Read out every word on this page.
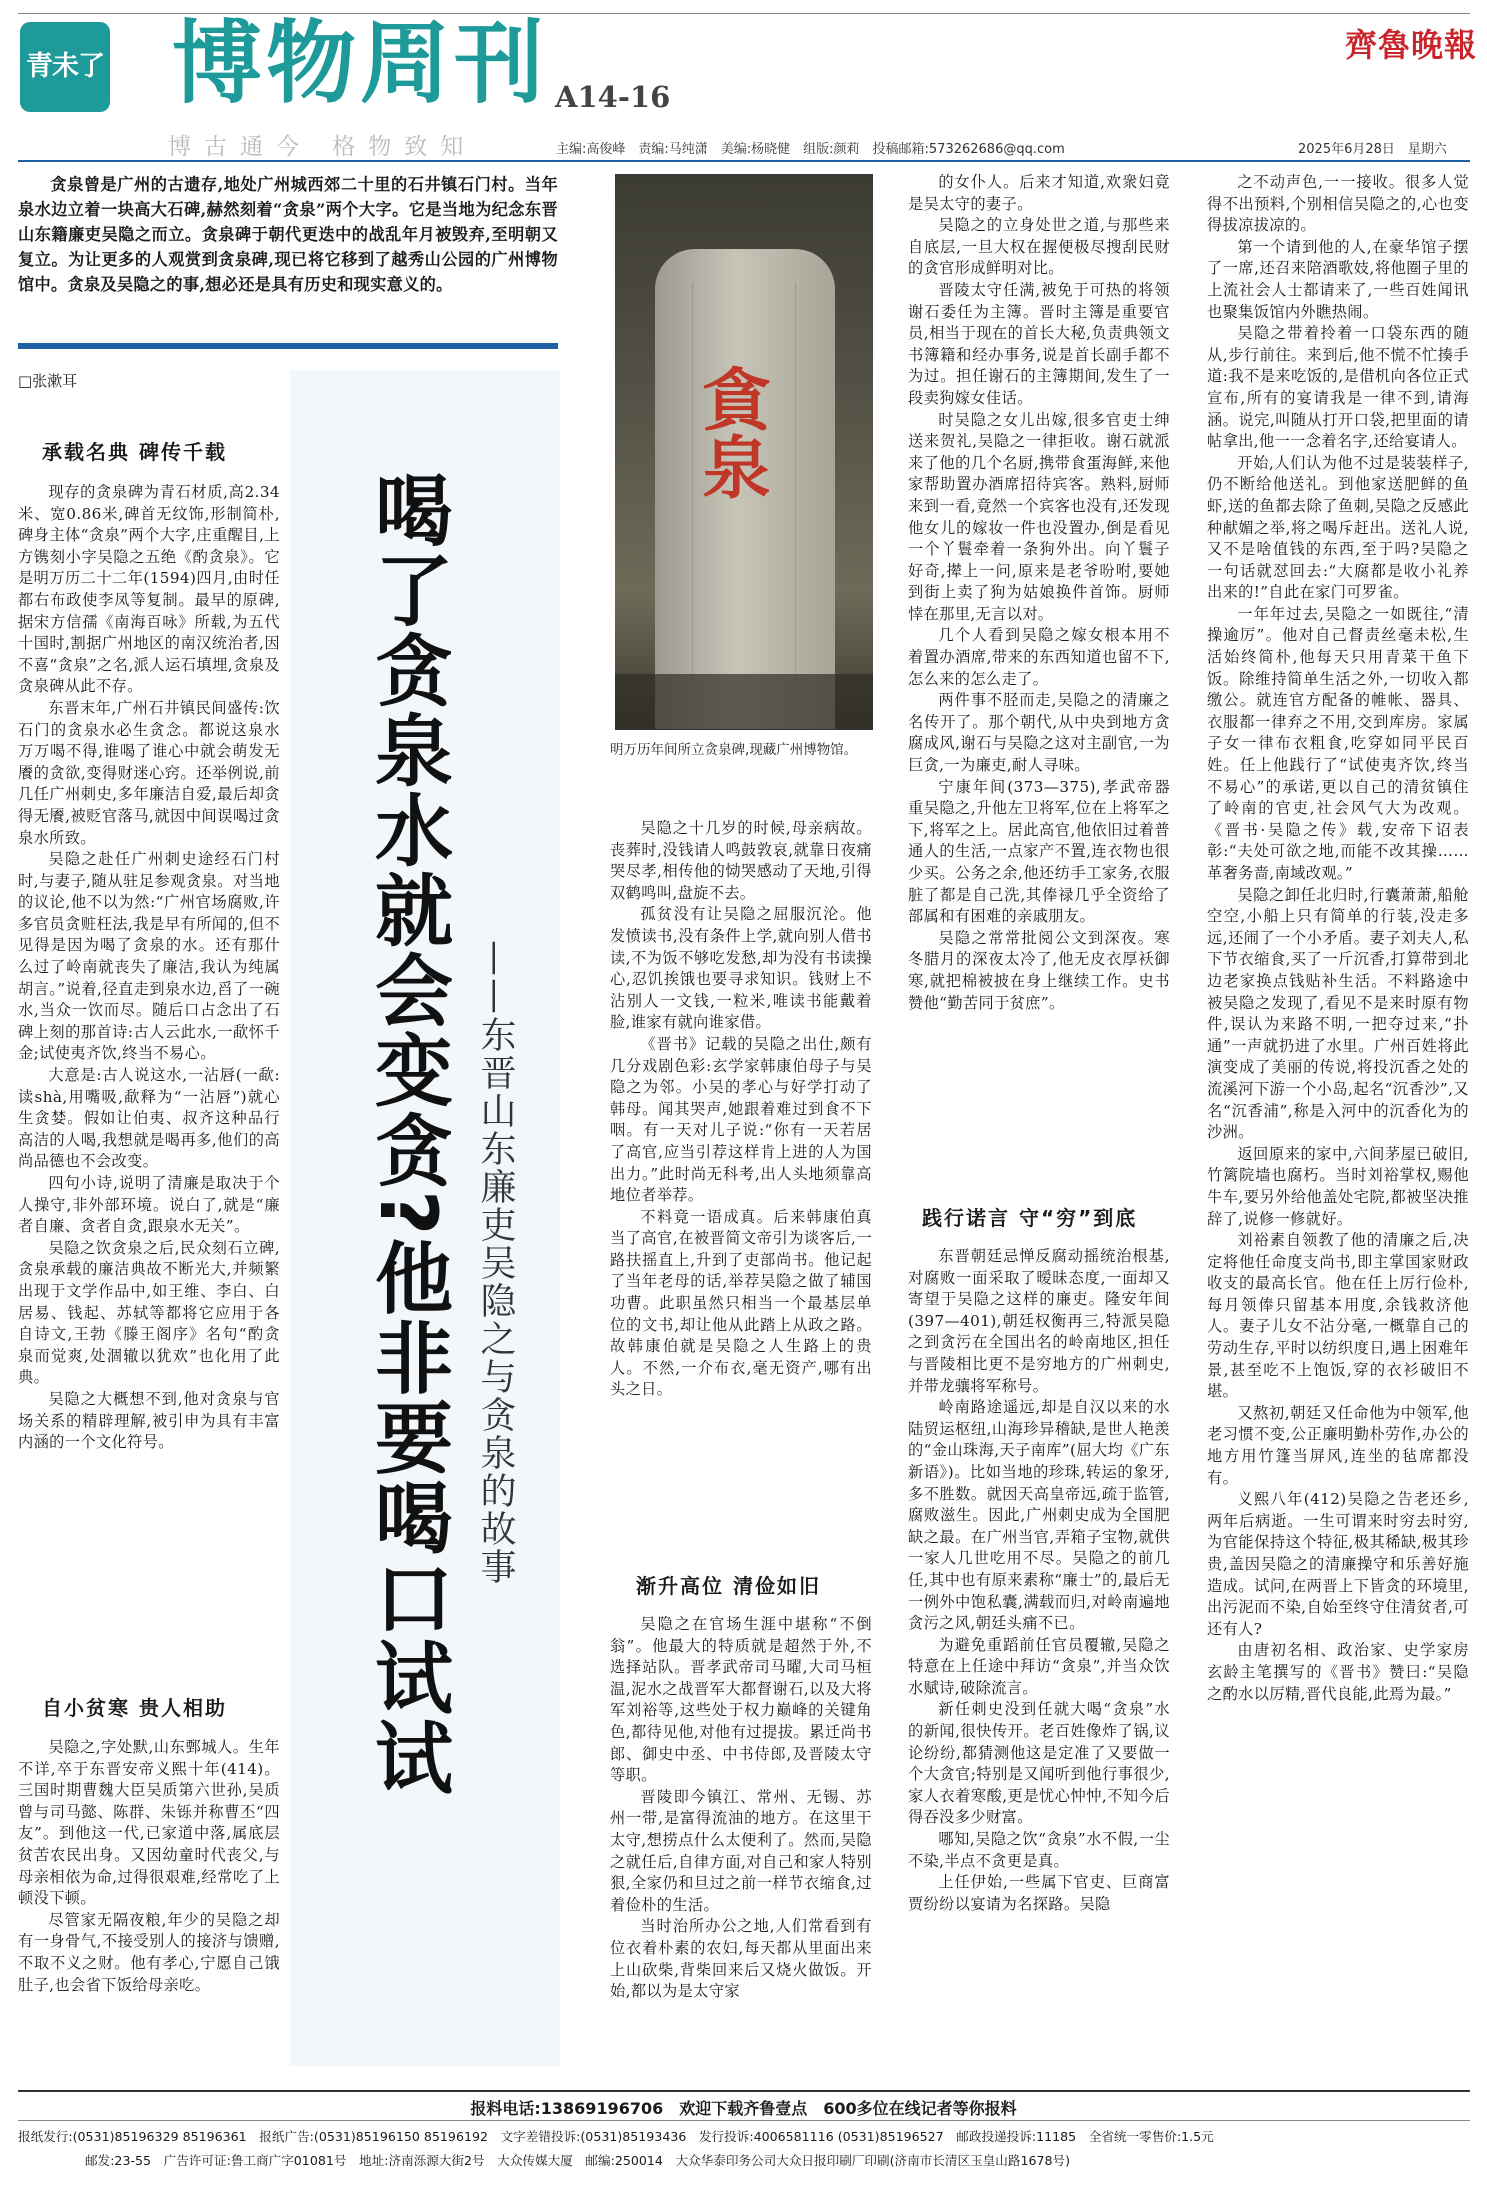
青未了 博物周刊 A14-16
齊魯晚報
博古通今 格物致知	主编:高俊峰　责编:马纯潇　美编:杨晓健　组版:颜莉　投稿邮箱:573262686@qq.com	2025年6月28日　 星期六
贪泉曾是广州的古遗存,地处广州城西郊二十里的石井镇石门村。当年泉水边立着一块高大石碑,赫然刻着“贪泉”两个大字。它是当地为纪念东晋山东籍廉吏吴隐之而立。贪泉碑于朝代更迭中的战乱年月被毁弃,至明朝又复立。为让更多的人观赏到贪泉碑,现已将它移到了越秀山公园的广州博物馆中。贪泉及吴隐之的事,想必还是具有历史和现实意义的。
□张漱耳
承载名典 碑传千载

现存的贪泉碑为青石材质,高2.34米、宽0.86米,碑首无纹饰,形制简朴,碑身主体“贪泉”两个大字,庄重醒目,上方镌刻小字吴隐之五绝《酌贪泉》。它是明万历二十二年(1594)四月,由时任都右布政使李凤等复制。最早的原碑,据宋方信孺《南海百咏》所载,为五代十国时,割据广州地区的南汉统治者,因不喜“贪泉”之名,派人运石填埋,贪泉及贪泉碑从此不存。

东晋末年,广州石井镇民间盛传:饮石门的贪泉水必生贪念。都说这泉水万万喝不得,谁喝了谁心中就会萌发无餍的贪欲,变得财迷心窍。还举例说,前几任广州刺史,多年廉洁自爱,最后却贪得无餍,被贬官落马,就因中间误喝过贪泉水所致。

吴隐之赴任广州刺史途经石门村时,与妻子,随从驻足参观贪泉。对当地的议论,他不以为然:“广州官场腐败,许多官员贪赃枉法,我是早有所闻的,但不见得是因为喝了贪泉的水。还有那什么过了岭南就丧失了廉洁,我认为纯属胡言。”说着,径直走到泉水边,舀了一碗水,当众一饮而尽。随后口占念出了石碑上刻的那首诗:古人云此水,一歃怀千金;试使夷齐饮,终当不易心。

大意是:古人说这水,一沾唇(一歃:读shà,用嘴吸,歃释为“一沾唇”)就心生贪婪。假如让伯夷、叔齐这种品行高洁的人喝,我想就是喝再多,他们的高尚品德也不会改变。

四句小诗,说明了清廉是取决于个人操守,非外部环境。说白了,就是“廉者自廉、贪者自贪,跟泉水无关”。

吴隐之饮贪泉之后,民众刻石立碑,贪泉承载的廉洁典故不断光大,并频繁出现于文学作品中,如王维、李白、白居易、钱起、苏轼等都将它应用于各自诗文,王勃《滕王阁序》名句“酌贪泉而觉爽,处涸辙以犹欢”也化用了此典。

吴隐之大概想不到,他对贪泉与官场关系的精辟理解,被引申为具有丰富内涵的一个文化符号。

自小贫寒 贵人相助

吴隐之,字处默,山东鄄城人。生年不详,卒于东晋安帝义熙十年(414)。三国时期曹魏大臣吴质第六世孙,吴质曾与司马懿、陈群、朱铄并称曹丕“四友”。到他这一代,已家道中落,属底层贫苦农民出身。又因幼童时代丧父,与母亲相依为命,过得很艰难,经常吃了上顿没下顿。

尽管家无隔夜粮,年少的吴隐之却有一身骨气,不接受别人的接济与馈赠,不取不义之财。他有孝心,宁愿自己饿肚子,也会省下饭给母亲吃。

喝了贪泉水就会变贪?他非要喝口试试 ——东晋山东廉吏吴隐之与贪泉的故事
貪泉
明万历年间所立贪泉碑,现藏广州博物馆。

吴隐之十几岁的时候,母亲病故。丧葬时,没钱请人鸣鼓敦哀,就靠日夜痛哭尽孝,相传他的恸哭感动了天地,引得双鹤鸣叫,盘旋不去。

孤贫没有让吴隐之屈服沉沦。他发愤读书,没有条件上学,就向别人借书读,不为饭不够吃发愁,却为没有书读操心,忍饥挨饿也要寻求知识。钱财上不沾别人一文钱,一粒米,唯读书能戴着脸,谁家有就向谁家借。

《晋书》记载的吴隐之出仕,颇有几分戏剧色彩:玄学家韩康伯母子与吴隐之为邻。小吴的孝心与好学打动了韩母。闻其哭声,她跟着难过到食不下咽。有一天对儿子说:“你有一天若居了高官,应当引荐这样肯上进的人为国出力。”此时尚无科考,出人头地须靠高地位者举荐。

不料竟一语成真。后来韩康伯真当了高官,在被晋简文帝引为谈客后,一路扶摇直上,升到了吏部尚书。他记起了当年老母的话,举荐吴隐之做了辅国功曹。此职虽然只相当一个最基层单位的文书,却让他从此踏上从政之路。故韩康伯就是吴隐之人生路上的贵人。不然,一介布衣,毫无资产,哪有出头之日。

渐升高位 清俭如旧

吴隐之在官场生涯中堪称“不倒翁”。他最大的特质就是超然于外,不选择站队。晋孝武帝司马曜,大司马桓温,泥水之战晋军大都督谢石,以及大将军刘裕等,这些处于权力巅峰的关键角色,都待见他,对他有过提拔。累迁尚书郎、御史中丞、中书侍郎,及晋陵太守等职。

晋陵即今镇江、常州、无锡、苏州一带,是富得流油的地方。在这里干太守,想捞点什么太便利了。然而,吴隐之就任后,自律方面,对自己和家人特别狠,全家仍和旦过之前一样节衣缩食,过着俭朴的生活。

当时治所办公之地,人们常看到有位衣着朴素的农妇,每天都从里面出来上山砍柴,背柴回来后又烧火做饭。开始,都以为是太守家

的女仆人。后来才知道,欢衆妇竟是吴太守的妻子。

吴隐之的立身处世之道,与那些来自底层,一旦大权在握便极尽搜刮民财的贪官形成鲜明对比。

晋陵太守任满,被免于可热的将领谢石委任为主簿。晋时主簿是重要官员,相当于现在的首长大秘,负责典领文书簿籍和经办事务,说是首长副手都不为过。担任谢石的主簿期间,发生了一段卖狗嫁女佳话。

时吴隐之女儿出嫁,很多官吏士绅送来贺礼,吴隐之一律拒收。谢石就派来了他的几个名厨,携带食蛋海鲜,来他家帮助置办酒席招待宾客。熟料,厨师来到一看,竟然一个宾客也没有,还发现他女儿的嫁妆一件也没置办,倒是看见一个丫鬟牵着一条狗外出。向丫鬟子好奇,撵上一问,原来是老爷吩咐,要她到街上卖了狗为姑娘换件首饰。厨师悻在那里,无言以对。

几个人看到吴隐之嫁女根本用不着置办酒席,带来的东西知道也留不下,怎么来的怎么走了。

两件事不胫而走,吴隐之的清廉之名传开了。那个朝代,从中央到地方贪腐成风,谢石与吴隐之这对主副官,一为巨贪,一为廉吏,耐人寻味。

宁康年间(373—375),孝武帝器重吴隐之,升他左卫将军,位在上将军之下,将军之上。居此高官,他依旧过着普通人的生活,一点家产不置,连衣物也很少买。公务之余,他还纺手工家务,衣服脏了都是自己洗,其俸禄几乎全资给了部属和有困难的亲戚朋友。

吴隐之常常批阅公文到深夜。寒冬腊月的深夜太冷了,他无皮衣厚袄御寒,就把棉被披在身上继续工作。史书赞他“勤苦同于贫庶”。

践行诺言 守“穷”到底

东晋朝廷忌惮反腐动摇统治根基,对腐败一面采取了暧昧态度,一面却又寄望于吴隐之这样的廉吏。隆安年间(397—401),朝廷权衡再三,特派吴隐之到贪污在全国出名的岭南地区,担任与晋陵相比更不是穷地方的广州刺史,并带龙骧将军称号。

岭南路途遥远,却是自汉以来的水陆贸运枢纽,山海珍异稽缺,是世人艳羡的“金山珠海,天子南库”(屈大均《广东新语》)。比如当地的珍珠,转运的象牙,多不胜数。就因天高皇帝远,疏于监管,腐败滋生。因此,广州刺史成为全国肥缺之最。在广州当官,弄箱子宝物,就供一家人几世吃用不尽。吴隐之的前几任,其中也有原来素称“廉士”的,最后无一例外中饱私囊,满载而归,对岭南遍地贪污之风,朝廷头痛不已。

为避免重蹈前任官员覆辙,吴隐之特意在上任途中拜访“贪泉”,并当众饮水赋诗,破除流言。

新任刺史没到任就大喝“贪泉”水的新闻,很快传开。老百姓像炸了锅,议论纷纷,都猜测他这是定准了又要做一个大贪官;特别是又闻听到他行事很少,家人衣着寒酸,更是忧心忡忡,不知今后得吞没多少财富。

哪知,吴隐之饮“贪泉”水不假,一尘不染,半点不贪更是真。

上任伊始,一些属下官吏、巨商富贾纷纷以宴请为名探路。吴隐

之不动声色,一一接收。很多人觉得不出预料,个别相信吴隐之的,心也变得拔凉拔凉的。

第一个请到他的人,在豪华馆子摆了一席,还召来陪酒歌妓,将他圈子里的上流社会人士都请来了,一些百姓闻讯也聚集饭馆内外瞧热闹。

吴隐之带着拎着一口袋东西的随从,步行前往。来到后,他不慌不忙揍手道:我不是来吃饭的,是借机向各位正式宣布,所有的宴请我是一律不到,请海涵。说完,叫随从打开口袋,把里面的请帖拿出,他一一念着名字,还给宴请人。

开始,人们认为他不过是装装样子,仍不断给他送礼。到他家送肥鲜的鱼虾,送的鱼都去除了鱼刺,吴隐之反感此种献媚之举,将之喝斥赶出。送礼人说,又不是啥值钱的东西,至于吗?吴隐之一句话就怼回去:“大腐都是收小礼养出来的!”自此在家门可罗雀。

一年年过去,吴隐之一如既往,“清操逾厉”。他对自己督责丝毫未松,生活始终简朴,他每天只用青菜干鱼下饭。除维持简单生活之外,一切收入都缴公。就连官方配备的帷帐、器具、衣服都一律弃之不用,交到库房。家属子女一律布衣粗食,吃穿如同平民百姓。任上他践行了“试使夷齐饮,终当不易心”的承诺,更以自己的清贫镇住了岭南的官吏,社会风气大为改观。《晋书·吴隐之传》载,安帝下诏表彰:“夫处可欲之地,而能不改其操……革奢务啬,南域改观。”

吴隐之卸任北归时,行囊萧萧,船舱空空,小船上只有简单的行装,没走多远,还闹了一个小矛盾。妻子刘夫人,私下节衣缩食,买了一斤沉香,打算带到北边老家换点钱贴补生活。不料路途中被吴隐之发现了,看见不是来时原有物件,误认为来路不明,一把夺过来,“扑通”一声就扔进了水里。广州百姓将此演变成了美丽的传说,将投沉香之处的流溪河下游一个小岛,起名“沉香沙”,又名“沉香浦”,称是入河中的沉香化为的沙洲。

返回原来的家中,六间茅屋已破旧,竹篱院墙也腐朽。当时刘裕掌权,赐他牛车,要另外给他盖处宅院,都被坚决推辞了,说修一修就好。

刘裕素自领教了他的清廉之后,决定将他任命度支尚书,即主掌国家财政收支的最高长官。他在任上厉行俭朴,每月领俸只留基本用度,余钱救济他人。妻子儿女不沾分毫,一概靠自己的劳动生存,平时以纺织度日,遇上困难年景,甚至吃不上饱饭,穿的衣衫破旧不堪。

又熬初,朝廷又任命他为中领军,他老习惯不变,公正廉明勤朴劳作,办公的地方用竹篷当屏风,连坐的毡席都没有。

义熙八年(412)吴隐之告老还乡,两年后病逝。一生可谓来时穷去时穷,为官能保持这个特征,极其稀缺,极其珍贵,盖因吴隐之的清廉操守和乐善好施造成。试问,在两晋上下皆贪的环境里,出污泥而不染,自始至终守住清贫者,可还有人?

由唐初名相、政治家、史学家房玄龄主笔撰写的《晋书》赞曰:“吴隐之酌水以厉精,晋代良能,此焉为最。”

报料电话:13869196706　欢迎下载齐鲁壹点　600多位在线记者等你报料
报纸发行:(0531)85196329 85196361　报纸广告:(0531)85196150 85196192　文字差错投诉:(0531)85193436　发行投诉:4006581116 (0531)85196527　邮政投递投诉:11185　全省统一零售价:1.5元
邮发:23-55　广告许可证:鲁工商广字01081号　地址:济南泺源大街2号　大众传媒大厦　邮编:250014　大众华泰印务公司大众日报印刷厂印刷(济南市长清区玉皇山路1678号)
